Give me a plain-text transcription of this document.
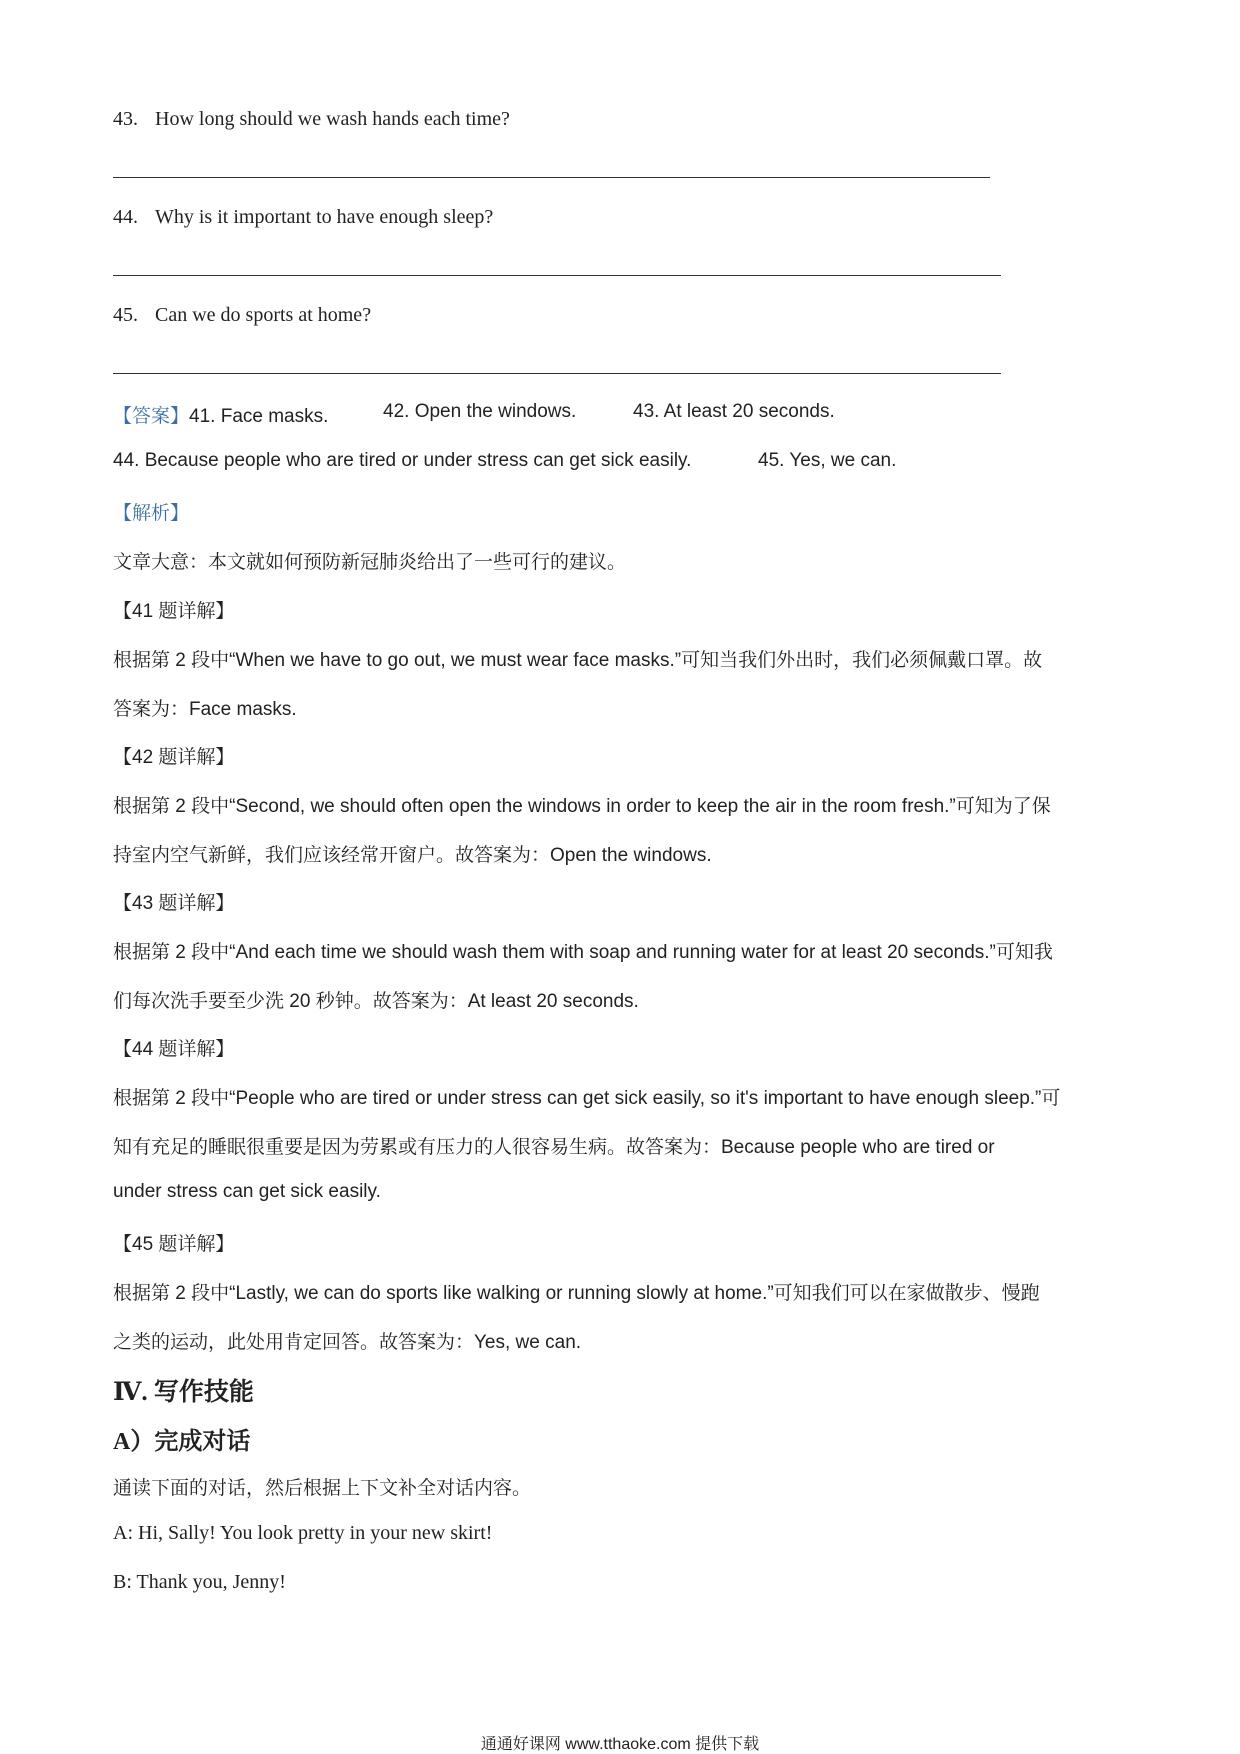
43. How long should we wash hands each time?
44. Why is it important to have enough sleep?
45. Can we do sports at home?
【答案】41. Face masks.	42. Open the windows.	43. At least 20 seconds.
44. Because people who are tired or under stress can get sick easily.	45. Yes, we can.
【解析】
文章大意：本文就如何预防新冠肺炎给出了一些可行的建议。
【41 题详解】
根据第 2 段中“When we have to go out, we must wear face masks.”可知当我们外出时，我们必须佩戴口罩。故
答案为：Face masks.
【42 题详解】
根据第 2 段中“Second, we should often open the windows in order to keep the air in the room fresh.”可知为了保
持室内空气新鲜，我们应该经常开窗户。故答案为：Open the windows.
【43 题详解】
根据第 2 段中“And each time we should wash them with soap and running water for at least 20 seconds.”可知我
们每次洗手要至少洗 20 秒钟。故答案为：At least 20 seconds.
【44 题详解】
根据第 2 段中“People who are tired or under stress can get sick easily, so it's important to have enough sleep.”可
知有充足的睡眠很重要是因为劳累或有压力的人很容易生病。故答案为：Because people who are tired or
under stress can get sick easily.
【45 题详解】
根据第 2 段中“Lastly, we can do sports like walking or running slowly at home.”可知我们可以在家做散步、慢跑
之类的运动，此处用肯定回答。故答案为：Yes, we can.
Ⅳ. 写作技能
A）完成对话
通读下面的对话，然后根据上下文补全对话内容。
A: Hi, Sally! You look pretty in your new skirt!
B: Thank you, Jenny!
通通好课网 www.tthaoke.com 提供下载
